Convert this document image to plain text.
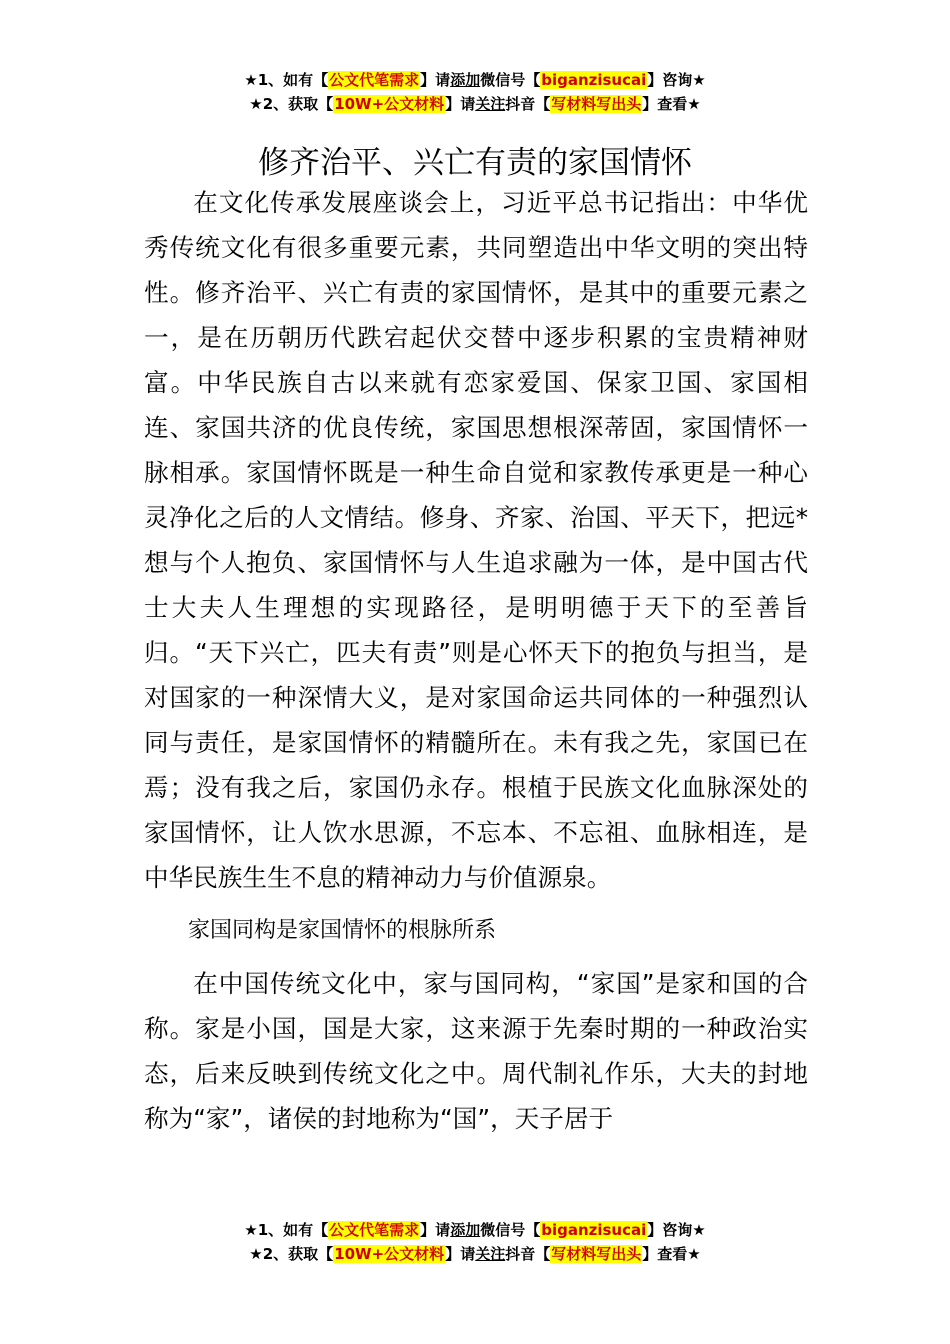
★1、如有【公文代笔需求】请添加微信号【biganzisucai】咨询★
★2、获取【10W+公文材料】请关注抖音【写材料写出头】查看★
修齐治平、兴亡有责的家国情怀

在文化传承发展座谈会上，习近平总书记指出：中华优秀传统文化有很多重要元素，共同塑造出中华文明的突出特性。修齐治平、兴亡有责的家国情怀，是其中的重要元素之一，是在历朝历代跌宕起伏交替中逐步积累的宝贵精神财富。中华民族自古以来就有恋家爱国、保家卫国、家国相连、家国共济的优良传统，家国思想根深蒂固，家国情怀一脉相承。家国情怀既是一种生命自觉和家教传承更是一种心灵净化之后的人文情结。修身、齐家、治国、平天下，把远*想与个人抱负、家国情怀与人生追求融为一体，是中国古代士大夫人生理想的实现路径，是明明德于天下的至善旨归。“天下兴亡，匹夫有责”则是心怀天下的抱负与担当，是对国家的一种深情大义，是对家国命运共同体的一种强烈认同与责任，是家国情怀的精髓所在。未有我之先，家国已在焉；没有我之后，家国仍永存。根植于民族文化血脉深处的家国情怀，让人饮水思源，不忘本、不忘祖、血脉相连，是中华民族生生不息的精神动力与价值源泉。

家国同构是家国情怀的根脉所系

在中国传统文化中，家与国同构，“家国”是家和国的合称。家是小国，国是大家，这来源于先秦时期的一种政治实态，后来反映到传统文化之中。周代制礼作乐，大夫的封地称为“家”，诸侯的封地称为“国”，天子居于

★1、如有【公文代笔需求】请添加微信号【biganzisucai】咨询★
★2、获取【10W+公文材料】请关注抖音【写材料写出头】查看★
